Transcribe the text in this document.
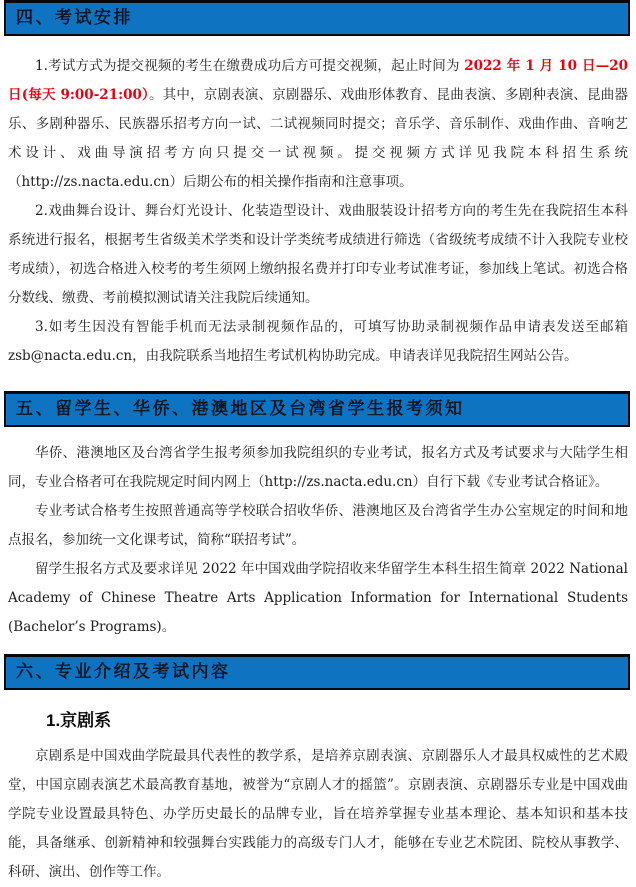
四、考试安排

1.考试方式为提交视频的考生在缴费成功后方可提交视频，起止时间为 2022 年 1 月 10 日—20 日(每天 9:00-21:00）。其中，京剧表演、京剧器乐、戏曲形体教育、昆曲表演、多剧种表演、昆曲器乐、多剧种器乐、民族器乐招考方向一试、二试视频同时提交；音乐学、音乐制作、戏曲作曲、音响艺术设计、戏曲导演招考方向只提交一试视频。提交视频方式详见我院本科招生系统（http://zs.nacta.edu.cn）后期公布的相关操作指南和注意事项。

2.戏曲舞台设计、舞台灯光设计、化装造型设计、戏曲服装设计招考方向的考生先在我院招生本科系统进行报名，根据考生省级美术学类和设计学类统考成绩进行筛选（省级统考成绩不计入我院专业校考成绩），初选合格进入校考的考生须网上缴纳报名费并打印专业考试准考证，参加线上笔试。初选合格分数线、缴费、考前模拟测试请关注我院后续通知。

3.如考生因没有智能手机而无法录制视频作品的，可填写协助录制视频作品申请表发送至邮箱 zsb@nacta.edu.cn，由我院联系当地招生考试机构协助完成。申请表详见我院招生网站公告。

五、留学生、华侨、港澳地区及台湾省学生报考须知

华侨、港澳地区及台湾省学生报考须参加我院组织的专业考试，报名方式及考试要求与大陆学生相同，专业合格者可在我院规定时间内网上（http://zs.nacta.edu.cn）自行下载《专业考试合格证》。

专业考试合格考生按照普通高等学校联合招收华侨、港澳地区及台湾省学生办公室规定的时间和地点报名，参加统一文化课考试，简称“联招考试”。

留学生报名方式及要求详见 2022 年中国戏曲学院招收来华留学生本科生招生简章 2022 National Academy of Chinese Theatre Arts Application Information for International Students (Bachelor’s Programs)。

六、专业介绍及考试内容
1.京剧系

京剧系是中国戏曲学院最具代表性的教学系，是培养京剧表演、京剧器乐人才最具权威性的艺术殿堂，中国京剧表演艺术最高教育基地，被誉为“京剧人才的摇篮”。京剧表演、京剧器乐专业是中国戏曲学院专业设置最具特色、办学历史最长的品牌专业，旨在培养掌握专业基本理论、基本知识和基本技能，具备继承、创新精神和较强舞台实践能力的高级专门人才，能够在专业艺术院团、院校从事教学、科研、演出、创作等工作。
